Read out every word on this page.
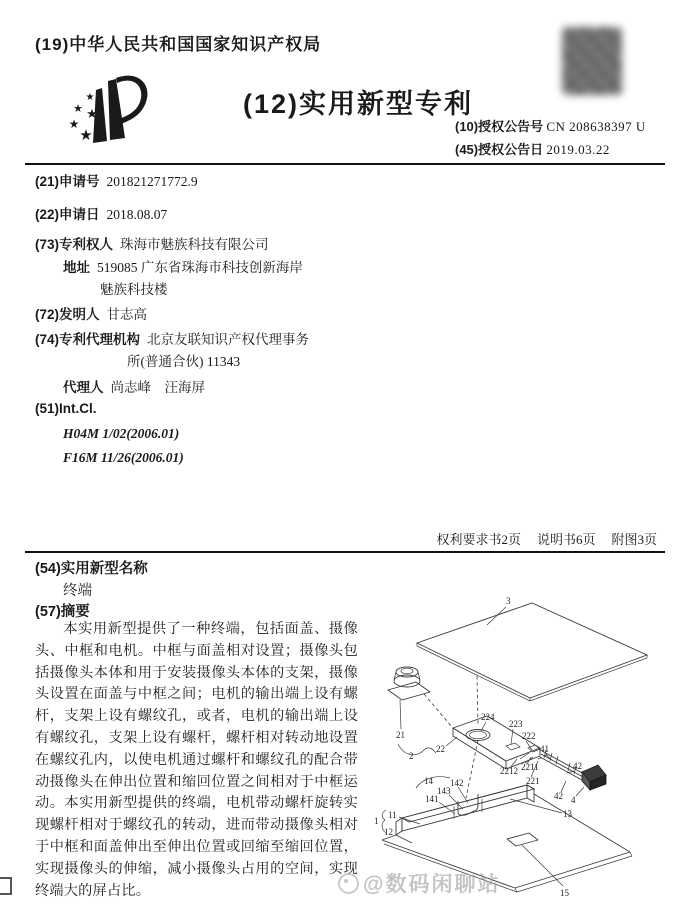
(19)中华人民共和国国家知识产权局
★
★ ★
★
★
(12)实用新型专利
(10)授权公告号 CN 208638397 U
(45)授权公告日 2019.03.22
(21)申请号 201821271772.9
(22)申请日 2018.08.07
(73)专利权人 珠海市魅族科技有限公司
地址 519085 广东省珠海市科技创新海岸
魅族科技楼
(72)发明人 甘志高
(74)专利代理机构 北京友联知识产权代理事务
所(普通合伙) 11343
代理人 尚志峰　汪海屏
(51)Int.Cl.
H04M 1/02(2006.01)
F16M 11/26(2006.01)
权利要求书2页 说明书6页 附图3页
(54)实用新型名称
终端
(57)摘要
本实用新型提供了一种终端，包括面盖、摄像头、中框和电机。中框与面盖相对设置；摄像头包括摄像头本体和用于安装摄像头本体的支架，摄像头设置在面盖与中框之间；电机的输出端上设有螺杆，支架上设有螺纹孔，或者，电机的输出端上设有螺纹孔，支架上设有螺杆，螺杆相对转动地设置在螺纹孔内，以使电机通过螺杆和螺纹孔的配合带动摄像头在伸出位置和缩回位置之间相对于中框运动。本实用新型提供的终端，电机带动螺杆旋转实现螺杆相对于螺纹孔的转动，进而带动摄像头相对于中框和面盖伸出至伸出位置或回缩至缩回位置，实现摄像头的伸缩，减小摄像头占用的空间，实现终端大的屏占比。
3
21
2
22
224
223
222
2212 2211
221
41
42
42 4
14 142
143
141
11
1
12
13
15
@数码闲聊站
